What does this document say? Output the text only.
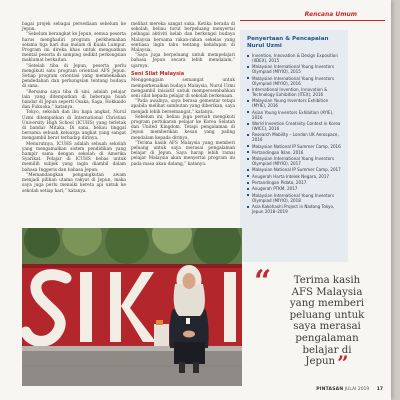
Rencana Umum

bagai projek sebagai persediaan sebelum ke Jepun.

“Sebelum berangkat ke Jepun, semua peserta harus menghadiri program perkhemahan selama tiga hari dua malam di Kuala Lumpur. Program ini direka khas untuk menguatkan mental peserta di samping sedikit perkongsian maklumat berkaitan.

“Setelah tiba di Jepun, peserta perlu mengikuti satu program orientasi AFS Jepun. Setiap program orientasi yang membekalkan pendedahan dan perkongsian tentang budaya di sana.

“Bersama saya tiba di sini, adalah pelajar lain yang ditempatkan di beberapa buah bandar di Jepun seperti Osaka, Saga, Hokkaido dan Fukuoka,” katanya.

Tokyo, sekolah dan ibu bapa angkat, Nurul Uzmi ditempatkan di International Christian University High School (ICUHS) yang terletak di bandar Mitaka. Di sana, beliau tinggal bersama sebuah keluarga angkat yang sangat mengambil berat terhadap dirinya.

Menurutnya, ICUHS adalah sebuah sekolah yang mengamalkan sistem pendidikan yang hampir sama dengan sekolah di Amerika Syarikat. Pelajar di ICUHS bebas untuk memilih subjek yang ingin diambil dalam bahasa Inggeris dan bahasa Jepun.

“Memandangkan pengangkutan awam menjadi pilihan utama rakyat di Jepun, maka saya juga perlu menaiki kereta api untuk ke sekolah setiap hari,” katanya.

melihat mereka sangat suka. Ketika berada di sekolah, beliau turut berpeluang menyertai pelbagai aktiviti kelab dan berkongsi budaya Malaysia bersama rakan-rakan sekelas yang sentiasa ingin tahu tentang kehidupan di Malaysia.

“Saya juga berpeluang untuk mempelajari bahasa Jepun secara lebih mendalam,” ujarnya.

Seni Silat Malaysia

Menggenggam semangat untuk memperkenalkan budaya Malaysia, Nurul Uzmi mengambil inisiatif untuk mempersembahkan seni silat kepada pelajar di sekolah berkenaan.

“Pada awalnya, saya berasa gementar tetapi apabila melihat sambutan yang diberikan, saya menjadi lebih bersemangat,” katanya.

Sebelum ini, beliau juga pernah mengikuti program pertukaran pelajar ke Korea Selatan dan United Kingdom. Tetapi pengalaman di Jepun memberikan kesan yang paling mendalam kepada dirinya.

“Terima kasih AFS Malaysia yang memberi peluang untuk saya merasai pengalaman belajar di Jepun. Saya harap lebih ramai pelajar Malaysia akan menyertai program ini pada masa akan datang,” katanya.

Penyertaan & Pencapaian
Nurul Uzmi
Invention, Innovation & Design Exposition (IIDEX), 2015
Malaysian International Young Inventors Olympiad (MIYIO), 2015
Malaysian International Young Inventors Olympiad (MIYIO), 2016
International Invention, Innovation & Technology Exhibition (ITEX), 2016
Malaysian Young Inventors Exhibition (MYIE), 2016
Asian Young Inventors Exhibition (AYIE), 2016
World Invention Creativity Contest in Korea (WICC), 2016
Research Mobility – London UK Aerospace, 2016
Malaysian National IP Summer Camp, 2016
Pertandingan Iklan, 2016
Malaysian International Young Inventors Olympiad (MIYIO), 2017
Malaysian National IP Summer Camp, 2017
Anugerah Harta Intelek Negara, 2017
Pertandingan Pidato, 2017
Anugerah PTKM, 2017
Malaysian International Young Inventors Olympiad (MIYIO), 2018
Asia Kakehashi Project in Nadang Tokyo, Jepun 2018–2019
“	Terima kasih
AFS Malaysia
yang memberi
peluang untuk
saya merasai
pengalaman
belajar di
Jepun ”
PINTASAN JULAI 2019 17
